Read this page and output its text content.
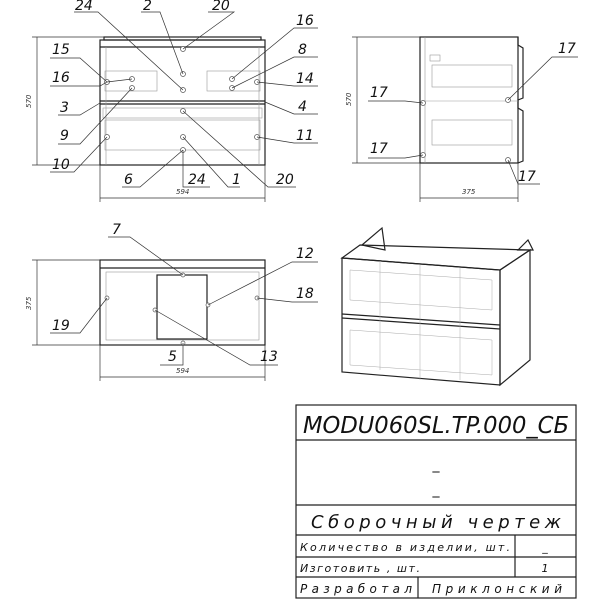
570
594
24	2	20
16
8
14
4
11
20
1
24
6
10
9
3
16
15
570
375
17
17
17
17
375
594
7
12
18
13
5
19
MODU060SL.TP.000_СБ
_
_
Сборочный чертеж
Количество в изделии, шт.	_
Изготовить , шт.	1
Разработал Приклонский
